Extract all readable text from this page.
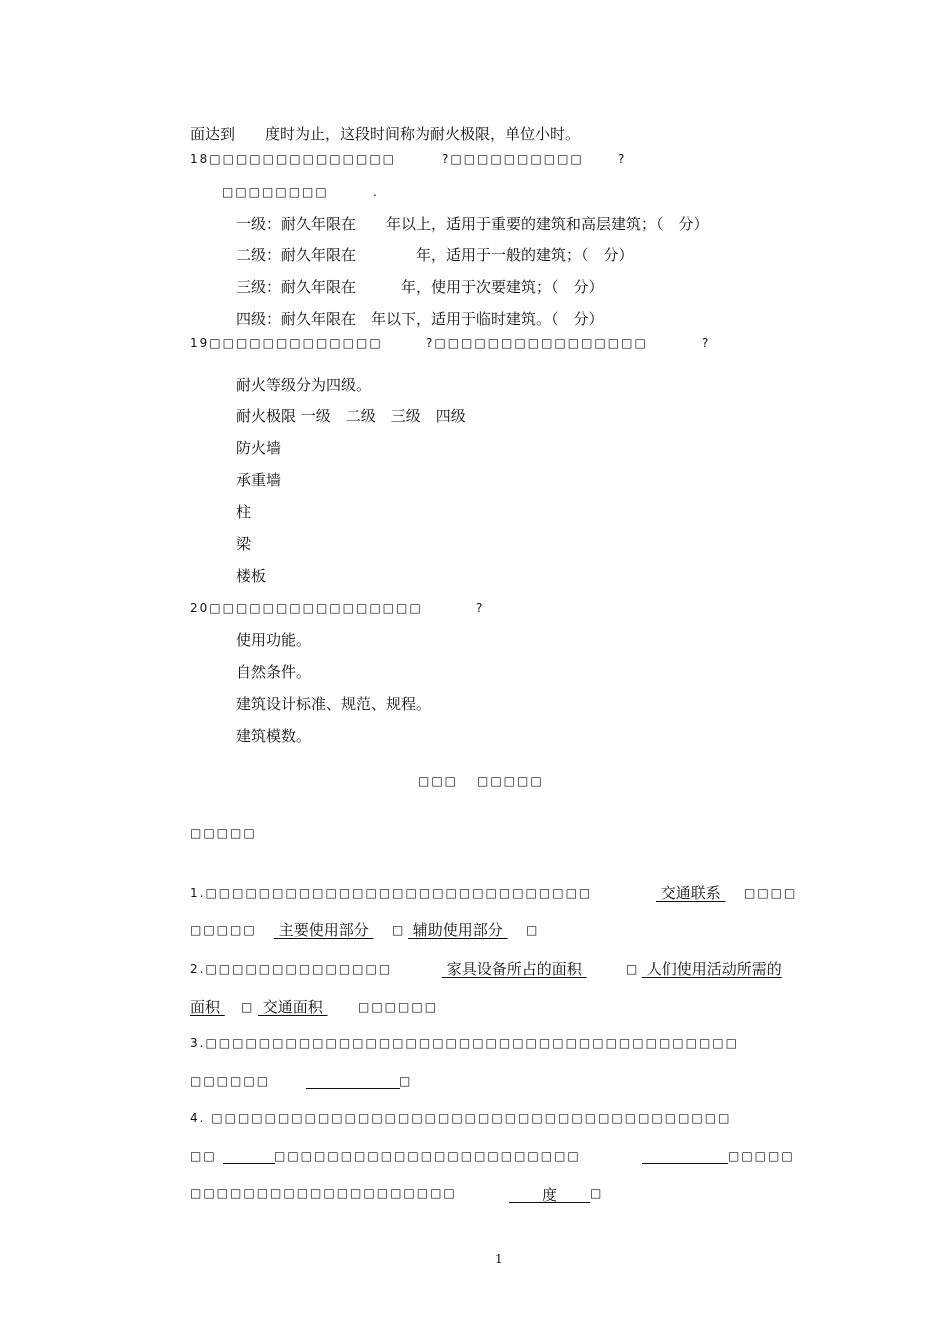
面达到　　度时为止，这段时间称为耐火极限，单位小时。
18□□□□□□□□□□□□□□	?□□□□□□□□□□	?
□□□□□□□□	.
一级：耐久年限在　　年以上，适用于重要的建筑和高层建筑；（　分）
二级：耐久年限在　　　　年，适用于一般的建筑；（　分）
三级：耐久年限在　　　年，使用于次要建筑；（　分）
四级：耐久年限在　年以下，适用于临时建筑。（　分）
19□□□□□□□□□□□□□	?□□□□□□□□□□□□□□□□	?
耐火等级分为四级。
耐火极限 一级　二级　三级　四级
防火墙
承重墙
柱
梁
楼板
20□□□□□□□□□□□□□□□□	?
使用功能。
自然条件。
建筑设计标准、规范、规程。
建筑模数。
□□□ □□□□□
□□□□□
1.□□□□□□□□□□□□□□□□□□□□□□□□□□□□□	交通联系 □□□□
□□□□□ 主要使用部分 □ 辅助使用部分 □
2.□□□□□□□□□□□□□□	家具设备所占的面积	□ 人们使用活动所需的
面积 □ 交通面积	□□□□□□
3.□□□□□□□□□□□□□□□□□□□□□□□□□□□□□□□□□□□□□□□□
□□□□□□	□
4. □□□□□□□□□□□□□□□□□□□□□□□□□□□□□□□□□□□□□□□
□□	□□□□□□□□□□□□□□□□□□□□□□□	□□□□□
□□□□□□□□□□□□□□□□□□□□	度	□
1
